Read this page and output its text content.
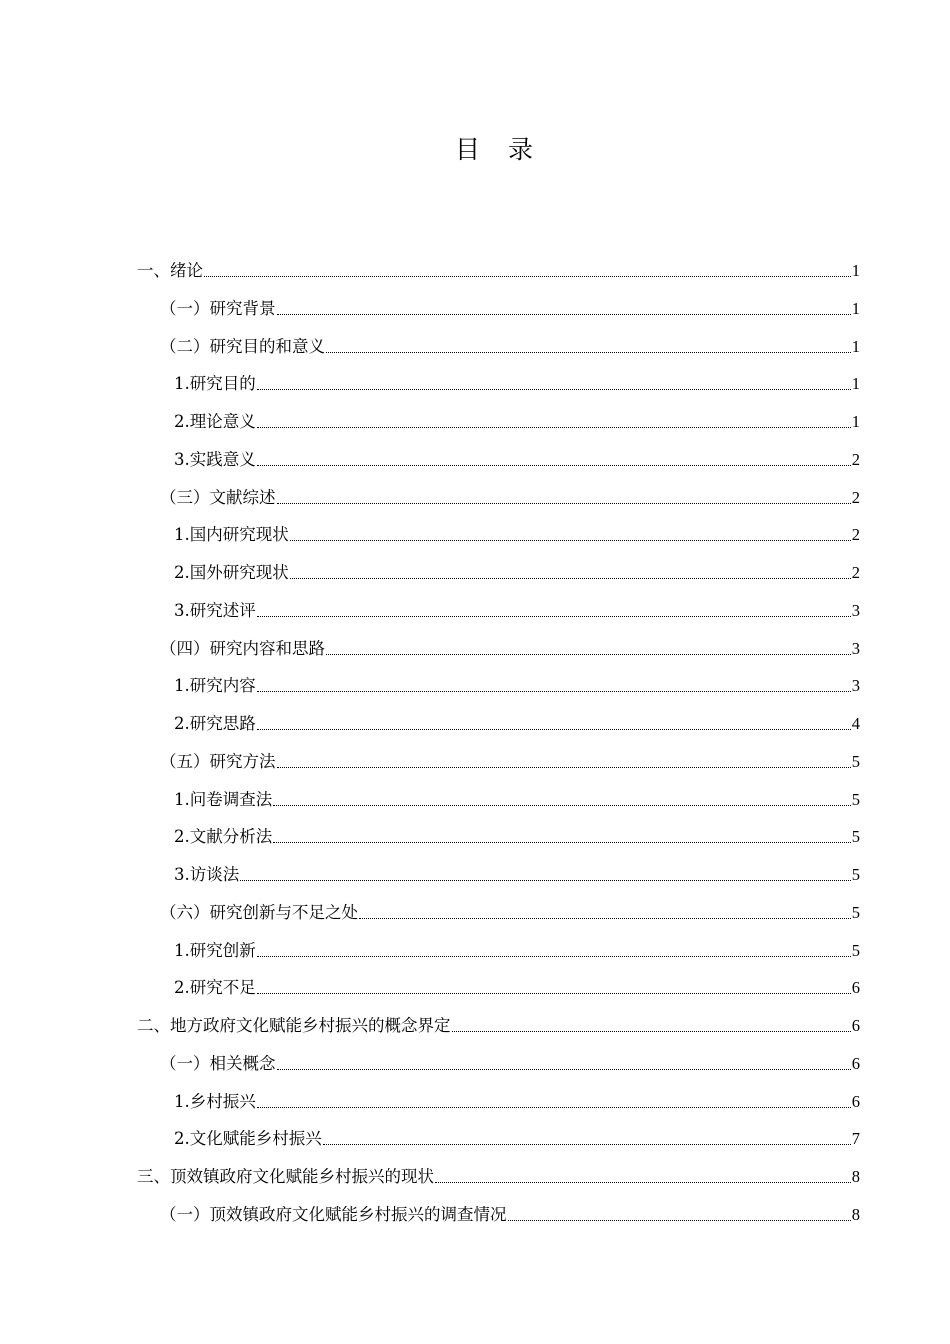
目 录
一、绪论	1
（一）研究背景	1
（二）研究目的和意义	1
1.研究目的	1
2.理论意义	1
3.实践意义	2
（三）文献综述	2
1.国内研究现状	2
2.国外研究现状	2
3.研究述评	3
（四）研究内容和思路	3
1.研究内容	3
2.研究思路	4
（五）研究方法	5
1.问卷调查法	5
2.文献分析法	5
3.访谈法	5
（六）研究创新与不足之处	5
1.研究创新	5
2.研究不足	6
二、地方政府文化赋能乡村振兴的概念界定	6
（一）相关概念	6
1.乡村振兴	6
2.文化赋能乡村振兴	7
三、顶效镇政府文化赋能乡村振兴的现状	8
（一）顶效镇政府文化赋能乡村振兴的调查情况	8
